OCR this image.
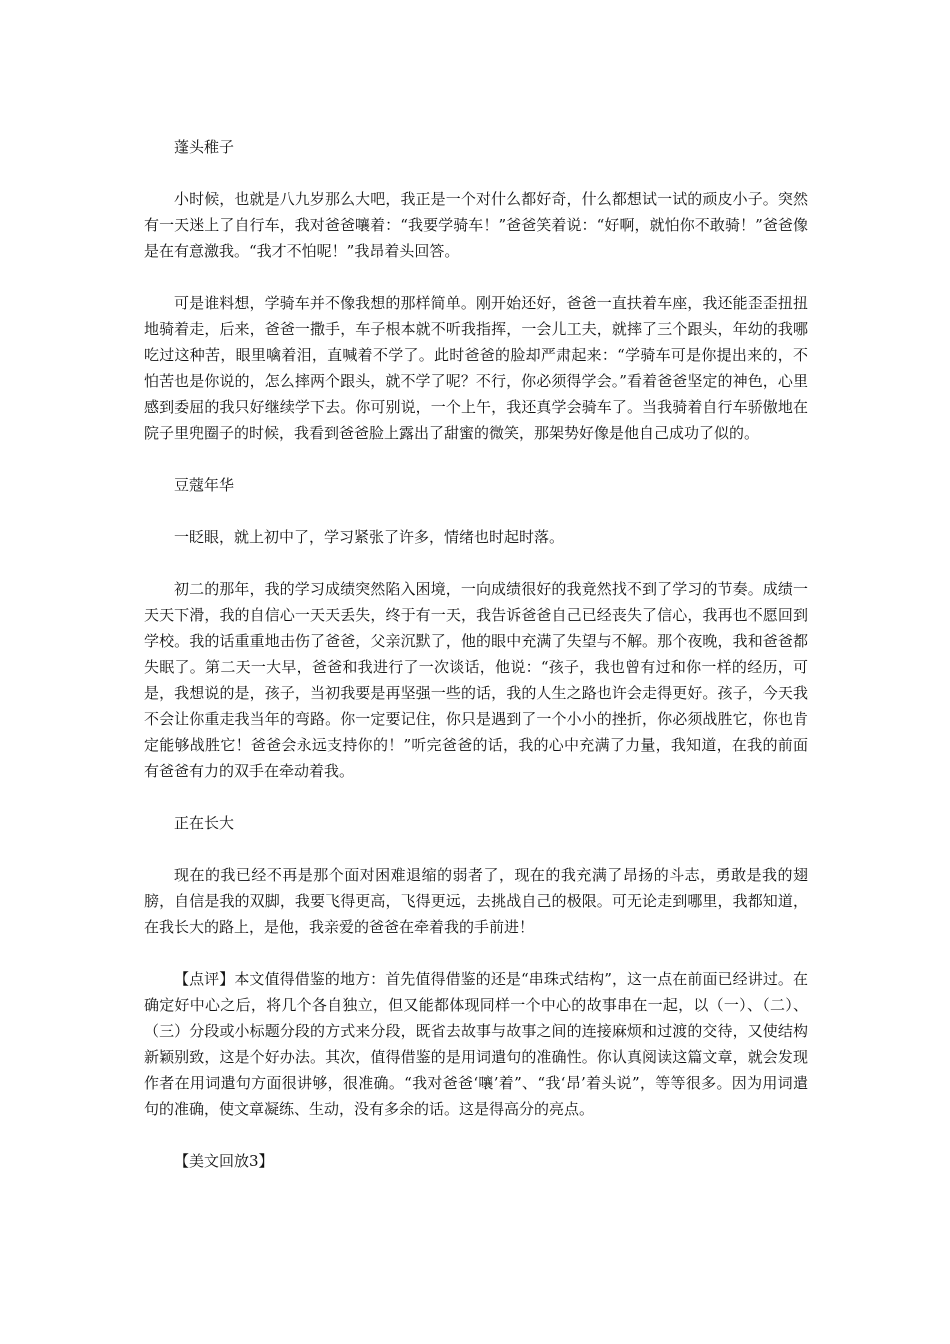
蓬头稚子

小时候，也就是八九岁那么大吧，我正是一个对什么都好奇，什么都想试一试的顽皮小子。突然有一天迷上了自行车，我对爸爸嚷着：“我要学骑车！”爸爸笑着说：“好啊，就怕你不敢骑！”爸爸像是在有意激我。“我才不怕呢！”我昂着头回答。

可是谁料想，学骑车并不像我想的那样简单。刚开始还好，爸爸一直扶着车座，我还能歪歪扭扭地骑着走，后来，爸爸一撒手，车子根本就不听我指挥，一会儿工夫，就摔了三个跟头，年幼的我哪吃过这种苦，眼里噙着泪，直喊着不学了。此时爸爸的脸却严肃起来：“学骑车可是你提出来的，不怕苦也是你说的，怎么摔两个跟头，就不学了呢？不行，你必须得学会。”看着爸爸坚定的神色，心里感到委屈的我只好继续学下去。你可别说，一个上午，我还真学会骑车了。当我骑着自行车骄傲地在院子里兜圈子的时候，我看到爸爸脸上露出了甜蜜的微笑，那架势好像是他自己成功了似的。

豆蔻年华

一眨眼，就上初中了，学习紧张了许多，情绪也时起时落。

初二的那年，我的学习成绩突然陷入困境，一向成绩很好的我竟然找不到了学习的节奏。成绩一天天下滑，我的自信心一天天丢失，终于有一天，我告诉爸爸自己已经丧失了信心，我再也不愿回到学校。我的话重重地击伤了爸爸，父亲沉默了，他的眼中充满了失望与不解。那个夜晚，我和爸爸都失眠了。第二天一大早，爸爸和我进行了一次谈话，他说：“孩子，我也曾有过和你一样的经历，可是，我想说的是，孩子，当初我要是再坚强一些的话，我的人生之路也许会走得更好。孩子，今天我不会让你重走我当年的弯路。你一定要记住，你只是遇到了一个小小的挫折，你必须战胜它，你也肯定能够战胜它！爸爸会永远支持你的！”听完爸爸的话，我的心中充满了力量，我知道，在我的前面有爸爸有力的双手在牵动着我。

正在长大

现在的我已经不再是那个面对困难退缩的弱者了，现在的我充满了昂扬的斗志，勇敢是我的翅膀，自信是我的双脚，我要飞得更高，飞得更远，去挑战自己的极限。可无论走到哪里，我都知道，在我长大的路上，是他，我亲爱的爸爸在牵着我的手前进！

【点评】本文值得借鉴的地方：首先值得借鉴的还是“串珠式结构”，这一点在前面已经讲过。在确定好中心之后，将几个各自独立，但又能都体现同样一个中心的故事串在一起，以（一）、（二）、（三）分段或小标题分段的方式来分段，既省去故事与故事之间的连接麻烦和过渡的交待，又使结构新颖别致，这是个好办法。其次，值得借鉴的是用词遣句的准确性。你认真阅读这篇文章，就会发现作者在用词遣句方面很讲够，很准确。“我对爸爸‘嚷’着”、“我‘昂’着头说”，等等很多。因为用词遣句的准确，使文章凝练、生动，没有多余的话。这是得高分的亮点。

【美文回放3】
